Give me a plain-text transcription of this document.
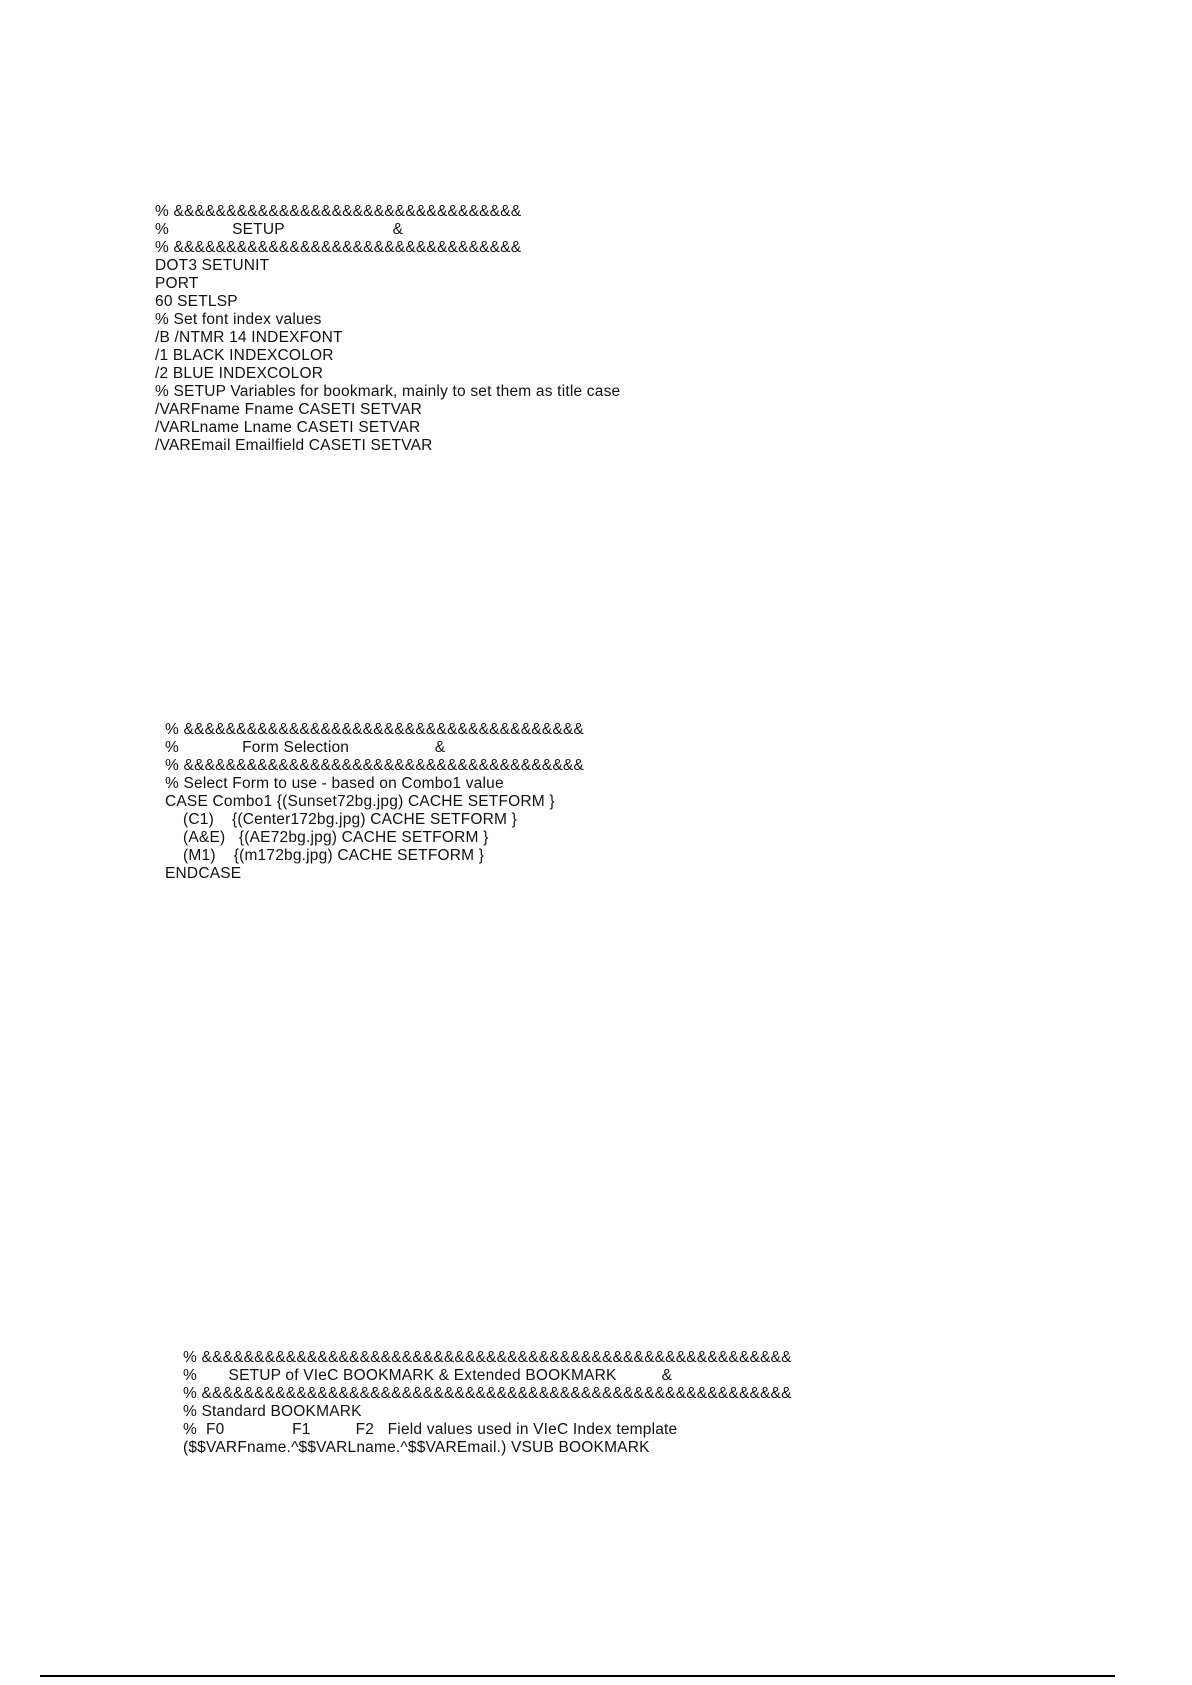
% &&&&&&&&&&&&&&&&&&&&&&&&&&&&&&&&&
%              SETUP                        &
% &&&&&&&&&&&&&&&&&&&&&&&&&&&&&&&&&
DOT3 SETUNIT
PORT
60 SETLSP
% Set font index values
/B /NTMR 14 INDEXFONT
/1 BLACK INDEXCOLOR
/2 BLUE INDEXCOLOR
% SETUP Variables for bookmark, mainly to set them as title case
/VARFname Fname CASETI SETVAR
/VARLname Lname CASETI SETVAR
/VAREmail Emailfield CASETI SETVAR
% &&&&&&&&&&&&&&&&&&&&&&&&&&&&&&&&&&&&&&
%              Form Selection                   &
% &&&&&&&&&&&&&&&&&&&&&&&&&&&&&&&&&&&&&&
% Select Form to use - based on Combo1 value
CASE Combo1 {(Sunset72bg.jpg) CACHE SETFORM }
(C1)    {(Center172bg.jpg) CACHE SETFORM }
(A&E)   {(AE72bg.jpg) CACHE SETFORM }
(M1)    {(m172bg.jpg) CACHE SETFORM }
ENDCASE
% &&&&&&&&&&&&&&&&&&&&&&&&&&&&&&&&&&&&&&&&&&&&&&&&&&&&&&&&
%       SETUP of VIeC BOOKMARK & Extended BOOKMARK          &
% &&&&&&&&&&&&&&&&&&&&&&&&&&&&&&&&&&&&&&&&&&&&&&&&&&&&&&&&
% Standard BOOKMARK
%  F0               F1          F2   Field values used in VIeC Index template
($$VARFname.^$$VARLname.^$$VAREmail.) VSUB BOOKMARK
